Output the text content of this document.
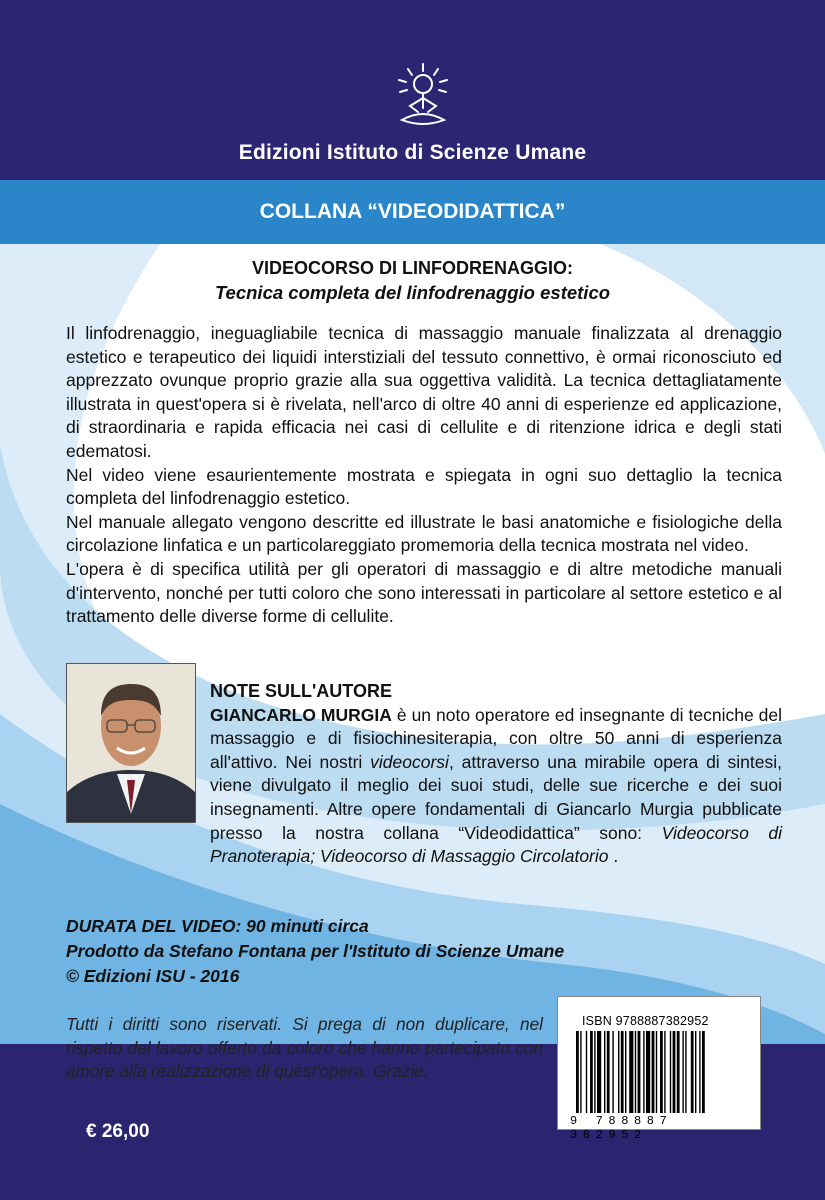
Edizioni Istituto di Scienze Umane
COLLANA “VIDEODIDATTICA”
VIDEOCORSO DI LINFODRENAGGIO:
Tecnica completa del linfodrenaggio estetico

Il linfodrenaggio, ineguagliabile tecnica di massaggio manuale finalizzata al drenaggio estetico e terapeutico dei liquidi interstiziali del tessuto connettivo, è ormai riconosciuto ed apprezzato ovunque proprio grazie alla sua oggettiva validità. La tecnica dettagliatamente illustrata in quest'opera si è rivelata, nell'arco di oltre 40 anni di esperienze ed applicazione, di straordinaria e rapida efficacia nei casi di cellulite e di ritenzione idrica e degli stati edematosi.

Nel video viene esaurientemente mostrata e spiegata in ogni suo dettaglio la tecnica completa del linfodrenaggio estetico.

Nel manuale allegato vengono descritte ed illustrate le basi anatomiche e fisiologiche della circolazione linfatica e un particolareggiato promemoria della tecnica mostrata nel video.

L'opera è di specifica utilità per gli operatori di massaggio e di altre metodiche manuali d'intervento, nonché per tutti coloro che sono interessati in particolare al settore estetico e al trattamento delle diverse forme di cellulite.

NOTE SULL'AUTORE

GIANCARLO MURGIA è un noto operatore ed insegnante di tecniche del massaggio e di fisiochinesiterapia, con oltre 50 anni di esperienza all'attivo. Nei nostri videocorsi, attraverso una mirabile opera di sintesi, viene divulgato il meglio dei suoi studi, delle sue ricerche e dei suoi insegnamenti. Altre opere fondamentali di Giancarlo Murgia pubblicate presso la nostra collana “Videodidattica” sono: Videocorso di Pranoterapia; Videocorso di Massaggio Circolatorio .

DURATA DEL VIDEO: 90 minuti circa
Prodotto da Stefano Fontana per l'Istituto di Scienze Umane
© Edizioni ISU - 2016
Tutti i diritti sono riservati. Si prega di non duplicare, nel rispetto del lavoro offerto da coloro che hanno partecipato con amore alla realizzazione di quest'opera. Grazie.
ISBN 9788887382952
9 788887 382952
€ 26,00
